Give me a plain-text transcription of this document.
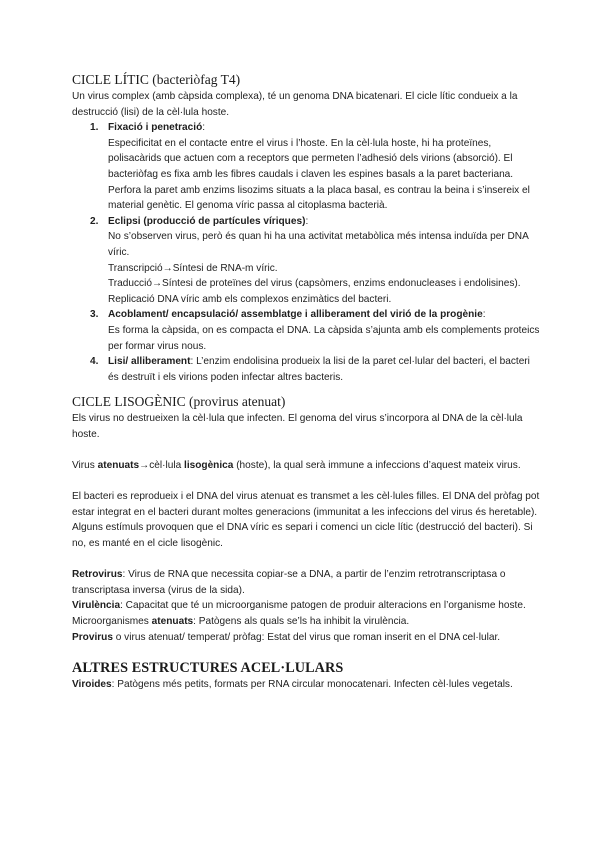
CICLE LÍTIC (bacteriòfag T4)

Un virus complex (amb càpsida complexa), té un genoma DNA bicatenari. El cicle lític condueix a la destrucció (lisi) de la cèl·lula hoste.

1. Fixació i penetració:

Especificitat en el contacte entre el virus i l’hoste. En la cèl·lula hoste, hi ha proteïnes, polisacàrids que actuen com a receptors que permeten l’adhesió dels virions (absorció). El bacteriòfag es fixa amb les fibres caudals i claven les espines basals a la paret bacteriana.

Perfora la paret amb enzims lisozims situats a la placa basal, es contrau la beina i s’insereix el material genètic. El genoma víric passa al citoplasma bacterià.

2. Eclipsi (producció de partícules víriques):

No s’observen virus, però és quan hi ha una activitat metabòlica més intensa induïda per DNA víric.

Transcripció→Síntesi de RNA-m víric.

Traducció→Síntesi de proteïnes del virus (capsòmers, enzims endonucleases i endolisines).

Replicació DNA víric amb els complexos enzimàtics del bacteri.

3. Acoblament/ encapsulació/ assemblatge i alliberament del virió de la progènie:

Es forma la càpsida, on es compacta el DNA. La càpsida s’ajunta amb els complements proteics per formar virus nous.

4. Lisi/ alliberament: L’enzim endolisina produeix la lisi de la paret cel·lular del bacteri, el bacteri és destruït i els virions poden infectar altres bacteris.

CICLE LISOGÈNIC (provirus atenuat)

Els virus no destrueixen la cèl·lula que infecten. El genoma del virus s’incorpora al DNA de la cèl·lula hoste.

Virus atenuats→cèl·lula lisogènica (hoste), la qual serà immune a infeccions d’aquest mateix virus.

El bacteri es reprodueix i el DNA del virus atenuat es transmet a les cèl·lules filles. El DNA del pròfag pot estar integrat en el bacteri durant moltes generacions (immunitat a les infeccions del virus és heretable). Alguns estímuls provoquen que el DNA víric es separi i comenci un cicle lític (destrucció del bacteri). Si no, es manté en el cicle lisogènic.

Retrovirus: Virus de RNA que necessita copiar-se a DNA, a partir de l’enzim retrotranscriptasa o transcriptasa inversa (virus de la sida).

Virulència: Capacitat que té un microorganisme patogen de produir alteracions en l’organisme hoste.

Microorganismes atenuats: Patògens als quals se’ls ha inhibit la virulència.

Provirus o virus atenuat/ temperat/ pròfag: Estat del virus que roman inserit en el DNA cel·lular.

ALTRES ESTRUCTURES ACEL·LULARS

Viroides: Patògens més petits, formats per RNA circular monocatenari. Infecten cèl·lules vegetals.
